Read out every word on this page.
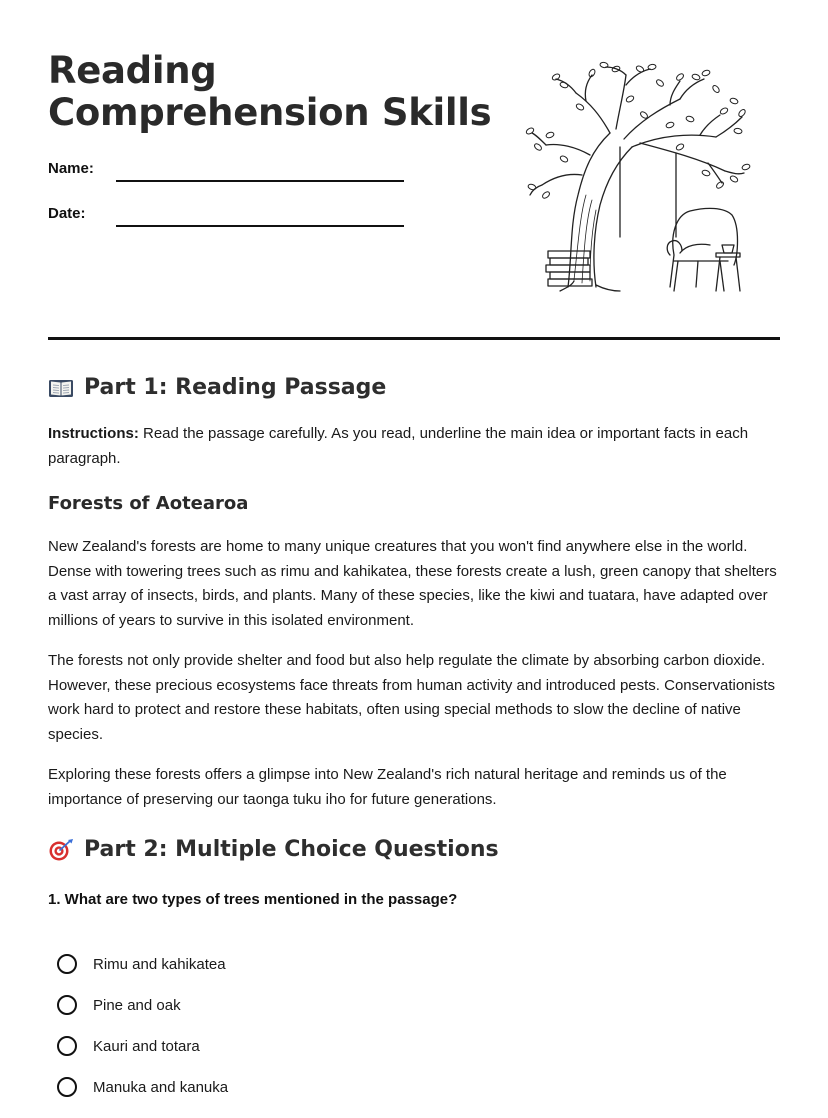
Reading
Comprehension Skills
Name:
Date:
Part 1: Reading Passage

Instructions: Read the passage carefully. As you read, underline the main idea or important facts in each paragraph.

Forests of Aotearoa

New Zealand's forests are home to many unique creatures that you won't find anywhere else in the world. Dense with towering trees such as rimu and kahikatea, these forests create a lush, green canopy that shelters a vast array of insects, birds, and plants. Many of these species, like the kiwi and tuatara, have adapted over millions of years to survive in this isolated environment.

The forests not only provide shelter and food but also help regulate the climate by absorbing carbon dioxide. However, these precious ecosystems face threats from human activity and introduced pests. Conservationists work hard to protect and restore these habitats, often using special methods to slow the decline of native species.

Exploring these forests offers a glimpse into New Zealand's rich natural heritage and reminds us of the importance of preserving our taonga tuku iho for future generations.

Part 2: Multiple Choice Questions

1. What are two types of trees mentioned in the passage?

Rimu and kahikatea
Pine and oak
Kauri and totara
Manuka and kanuka
